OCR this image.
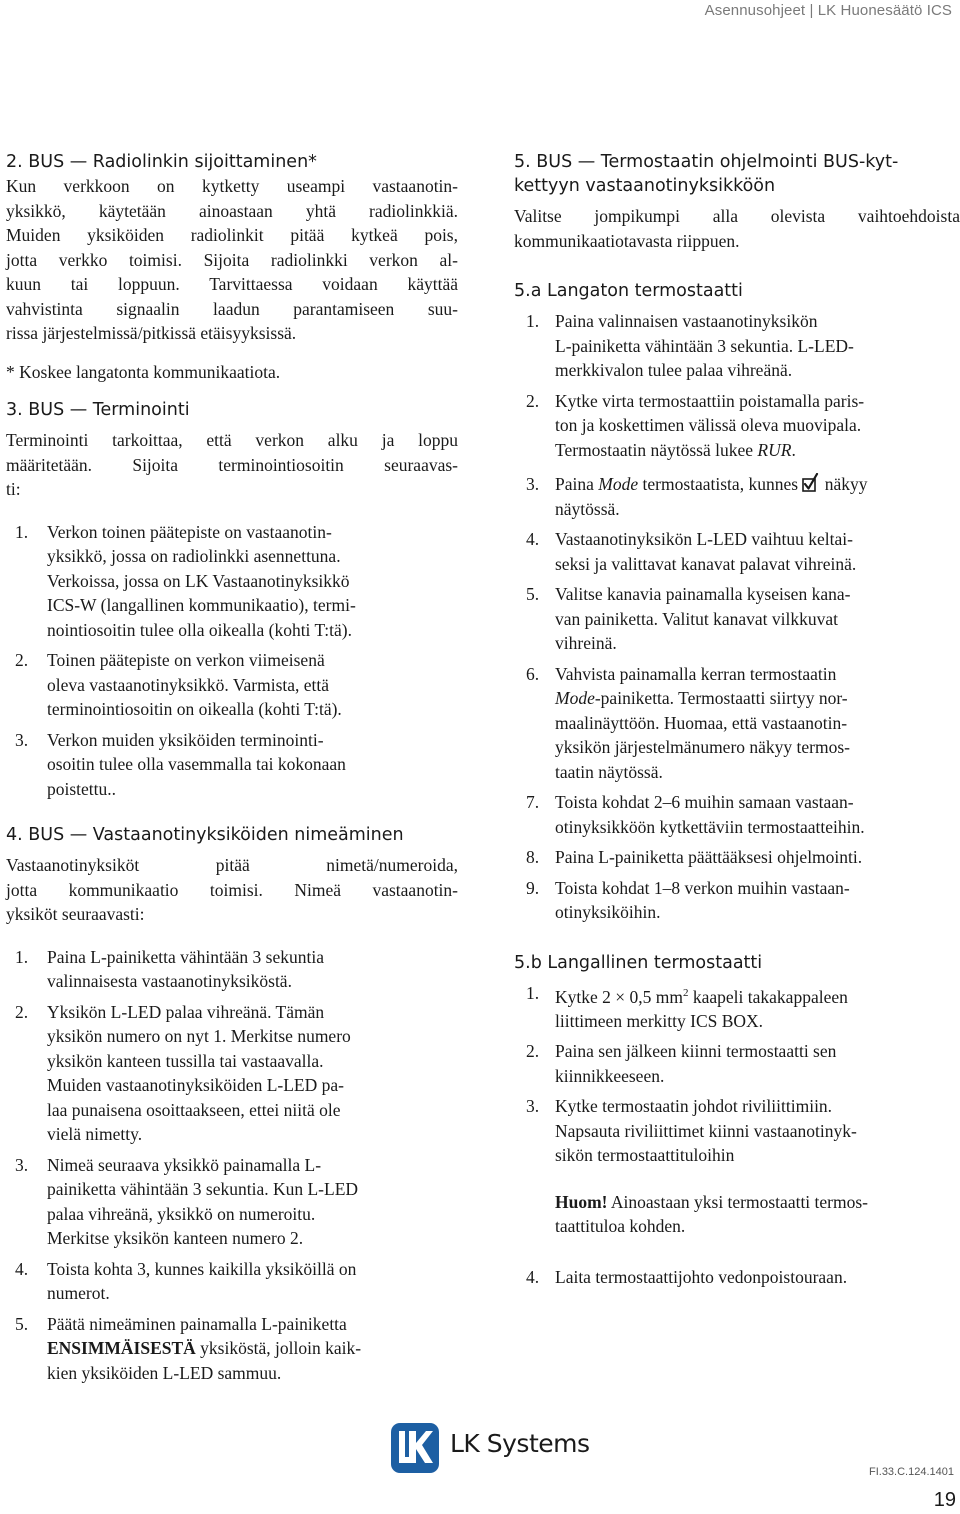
Asennusohjeet | LK Huonesäätö ICS
2. BUS — Radiolinkin sijoittaminen*
Kun verkkoon on kytketty useampi vastaanotin-
yksikkö, käytetään ainoastaan yhtä radiolinkkiä.
Muiden yksiköiden radiolinkit pitää kytkeä pois,
jotta verkko toimisi. Sijoita radiolinkki verkon al-
kuun tai loppuun. Tarvittaessa voidaan käyttää
vahvistinta signaalin laadun parantamiseen suu-
rissa järjestelmissä/pitkissä etäisyyksissä.
* Koskee langatonta kommunikaatiota.
3. BUS — Terminointi
Terminointi tarkoittaa, että verkon alku ja loppu
määritetään. Sijoita terminointiosoitin seuraavas-
ti:
1. Verkon toinen päätepiste on vastaanotin-
yksikkö, jossa on radiolinkki asennettuna.
Verkoissa, jossa on LK Vastaanotinyksikkö
ICS-W (langallinen kommunikaatio), termi-
nointiosoitin tulee olla oikealla (kohti T:tä).
2. Toinen päätepiste on verkon viimeisenä
oleva vastaanotinyksikkö. Varmista, että
terminointiosoitin on oikealla (kohti T:tä).
3. Verkon muiden yksiköiden terminointi-
osoitin tulee olla vasemmalla tai kokonaan
poistettu..
4. BUS — Vastaanotinyksiköiden nimeäminen
Vastaanotinyksiköt pitää nimetä/numeroida,
jotta kommunikaatio toimisi. Nimeä vastaanotin-
yksiköt seuraavasti:
1. Paina L-painiketta vähintään 3 sekuntia
valinnaisesta vastaanotinyksiköstä.
2. Yksikön L-LED palaa vihreänä. Tämän
yksikön numero on nyt 1. Merkitse numero
yksikön kanteen tussilla tai vastaavalla.
Muiden vastaanotinyksiköiden L-LED pa-
laa punaisena osoittaakseen, ettei niitä ole
vielä nimetty.
3. Nimeä seuraava yksikkö painamalla L-
painiketta vähintään 3 sekuntia. Kun L-LED
palaa vihreänä, yksikkö on numeroitu.
Merkitse yksikön kanteen numero 2.
4. Toista kohta 3, kunnes kaikilla yksiköillä on
numerot.
5. Päätä nimeäminen painamalla L-painiketta
ENSIMMÄISESTÄ yksiköstä, jolloin kaik-
kien yksiköiden L-LED sammuu.
5. BUS — Termostaatin ohjelmointi BUS-kyt-
kettyyn vastaanotinyksikköön
Valitse jompikumpi alla olevista vaihtoehdoista
kommunikaatiotavasta riippuen.
5.a Langaton termostaatti
1. Paina valinnaisen vastaanotinyksikön
L-painiketta vähintään 3 sekuntia. L-LED-
merkkivalon tulee palaa vihreänä.
2. Kytke virta termostaattiin poistamalla paris-
ton ja koskettimen välissä oleva muovipala.
Termostaatin näytössä lukee RUR.
3. Paina Mode termostaatista, kunnes  näkyy
näytössä.
4. Vastaanotinyksikön L-LED vaihtuu keltai-
seksi ja valittavat kanavat palavat vihreinä.
5. Valitse kanavia painamalla kyseisen kana-
van painiketta. Valitut kanavat vilkkuvat
vihreinä.
6. Vahvista painamalla kerran termostaatin
Mode-painiketta. Termostaatti siirtyy nor-
maalinäyttöön. Huomaa, että vastaanotin-
yksikön järjestelmänumero näkyy termos-
taatin näytössä.
7. Toista kohdat 2–6 muihin samaan vastaan-
otinyksikköön kytkettäviin termostaatteihin.
8. Paina L-painiketta päättääksesi ohjelmointi.
9. Toista kohdat 1–8 verkon muihin vastaan-
otinyksiköihin.
5.b Langallinen termostaatti
1. Kytke 2 × 0,5 $mm^2$ kaapeli takakappaleen
liittimeen merkitty ICS BOX.
2. Paina sen jälkeen kiinni termostaatti sen
kiinnikkeeseen.
3. Kytke termostaatin johdot riviliittimiin.
Napsauta riviliittimet kiinni vastaanotinyk-
sikön termostaattituloihin
Huom! Ainoastaan yksi termostaatti termos-
taattituloa kohden.
4. Laita termostaattijohto vedonpoistouraan.
LK Systems
FI.33.C.124.1401
19
